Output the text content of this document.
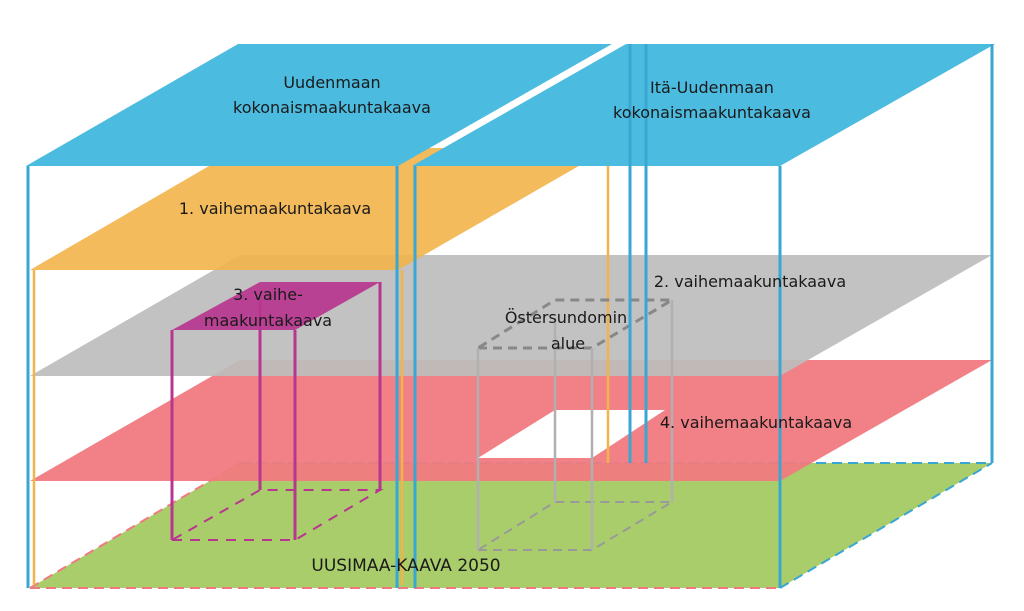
Uudenmaan
kokonaismaakuntakaava
Itä-Uudenmaan
kokonaismaakuntakaava
1. vaihemaakuntakaava
2. vaihemaakuntakaava
3. vaihe-
maakuntakaava	Östersundomin
alue
4. vaihemaakuntakaava
UUSIMAA-KAAVA 2050
